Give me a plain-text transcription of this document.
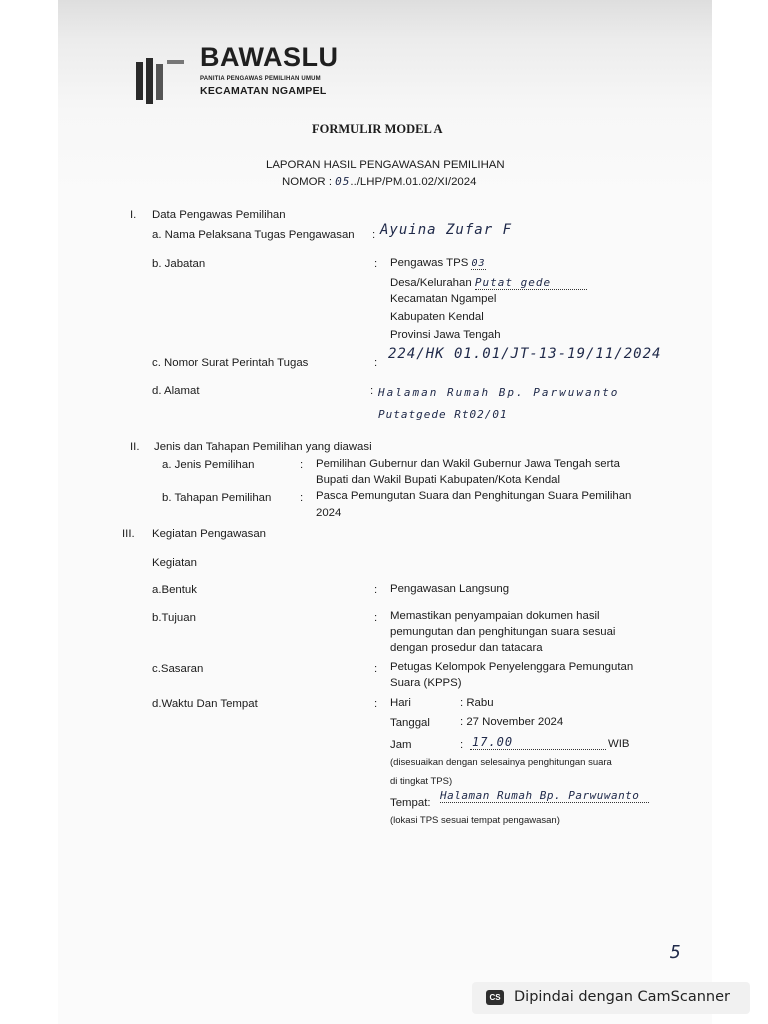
BAWASLU
PANITIA PENGAWAS PEMILIHAN UMUM
KECAMATAN NGAMPEL
FORMULIR MODEL A
LAPORAN HASIL PENGAWASAN PEMILIHAN
NOMOR : 05../LHP/PM.01.02/XI/2024
I. Data Pengawas Pemilihan
a. Nama Pelaksana Tugas Pengawasan : Ayuina Zufar F
b. Jabatan	: Pengawas TPS 03
Desa/Kelurahan Putat gede
Kecamatan Ngampel
Kabupaten Kendal
Provinsi Jawa Tengah
c. Nomor Surat Perintah Tugas	:
224/HK 01.01/JT-13-19/11/2024
d. Alamat	: Halaman Rumah Bp. Parwuwanto
Putatgede Rt02/01
II. Jenis dan Tahapan Pemilihan yang diawasi
a. Jenis Pemilihan	: Pemilihan Gubernur dan Wakil Gubernur Jawa Tengah serta
Bupati dan Wakil Bupati Kabupaten/Kota Kendal
b. Tahapan Pemilihan	: Pasca Pemungutan Suara dan Penghitungan Suara Pemilihan
2024
III. Kegiatan Pengawasan
Kegiatan
a.Bentuk	: Pengawasan Langsung
b.Tujuan	: Memastikan penyampaian dokumen hasil
pemungutan dan penghitungan suara sesuai
dengan prosedur dan tatacara
c.Sasaran	: Petugas Kelompok Penyelenggara Pemungutan
Suara (KPPS)
d.Waktu Dan Tempat	: Hari	: Rabu
Tanggal	: 27 November 2024
Jam	: 17.00	WIB
(disesuaikan dengan selesainya penghitungan suara
di tingkat TPS)
Tempat:
Halaman Rumah Bp. Parwuwanto
(lokasi TPS sesuai tempat pengawasan)
5
CS Dipindai dengan CamScanner
